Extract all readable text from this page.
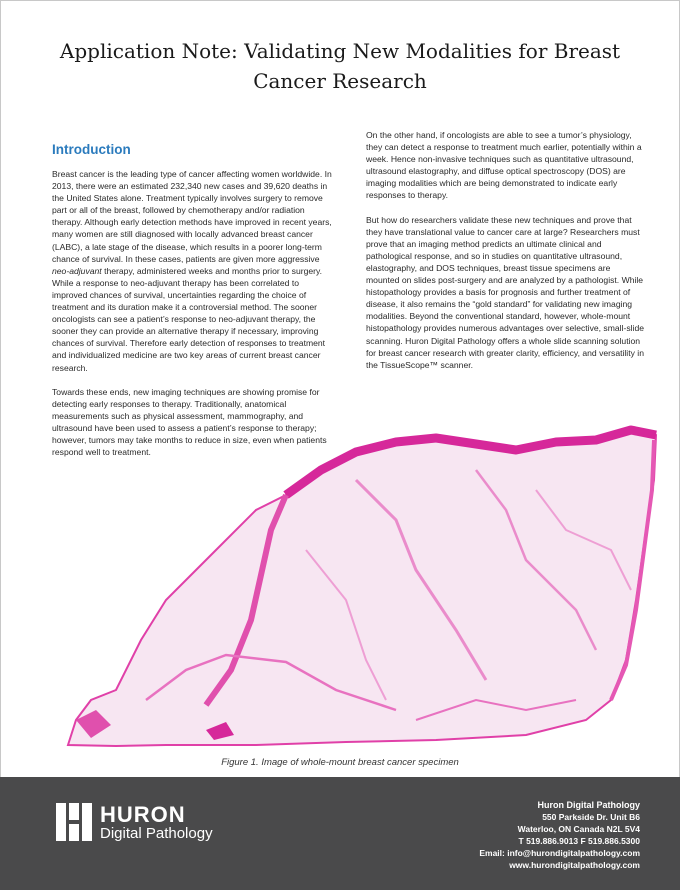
Application Note: Validating New Modalities for Breast Cancer Research
Introduction

Breast cancer is the leading type of cancer affecting women worldwide. In 2013, there were an estimated 232,340 new cases and 39,620 deaths in the United States alone. Treatment typically involves surgery to remove part or all of the breast, followed by chemotherapy and/or radiation therapy. Although early detection methods have improved in recent years, many women are still diagnosed with locally advanced breast cancer (LABC), a late stage of the disease, which results in a poorer long-term chance of survival. In these cases, patients are given more aggressive neo-adjuvant therapy, administered weeks and months prior to surgery. While a response to neo-adjuvant therapy has been correlated to improved chances of survival, uncertainties regarding the choice of treatment and its duration make it a controversial method. The sooner oncologists can see a patient’s response to neo-adjuvant therapy, the sooner they can provide an alternative therapy if necessary, improving chances of survival. Therefore early detection of responses to treatment and individualized medicine are two key areas of current breast cancer research.

Towards these ends, new imaging techniques are showing promise for detecting early responses to therapy. Traditionally, anatomical measurements such as physical assessment, mammography, and ultrasound have been used to assess a patient’s response to therapy; however, tumors may take months to reduce in size, even when patients respond well to treatment.

On the other hand, if oncologists are able to see a tumor’s physiology, they can detect a response to treatment much earlier, potentially within a week. Hence non-invasive techniques such as quantitative ultrasound, ultrasound elastography, and diffuse optical spectroscopy (DOS) are imaging modalities which are being demonstrated to indicate early responses to therapy.

But how do researchers validate these new techniques and prove that they have translational value to cancer care at large? Researchers must prove that an imaging method predicts an ultimate clinical and pathological response, and so in studies on quantitative ultrasound, elastography, and DOS techniques, breast tissue specimens are mounted on slides post-surgery and are analyzed by a pathologist. While histopathology provides a basis for prognosis and further treatment of disease, it also remains the “gold standard” for validating new imaging modalities. Beyond the conventional standard, however, whole-mount histopathology provides numerous advantages over selective, small-slide scanning. Huron Digital Pathology offers a whole slide scanning solution for breast cancer research with greater clarity, efficiency, and versatility in the TissueScope™ scanner.

Figure 1. Image of whole-mount breast cancer specimen
HURON
Digital Pathology
Huron Digital Pathology
550 Parkside Dr. Unit B6
Waterloo, ON Canada N2L 5V4
T 519.886.9013 F 519.886.5300
Email: info@hurondigitalpathology.com
www.hurondigitalpathology.com
